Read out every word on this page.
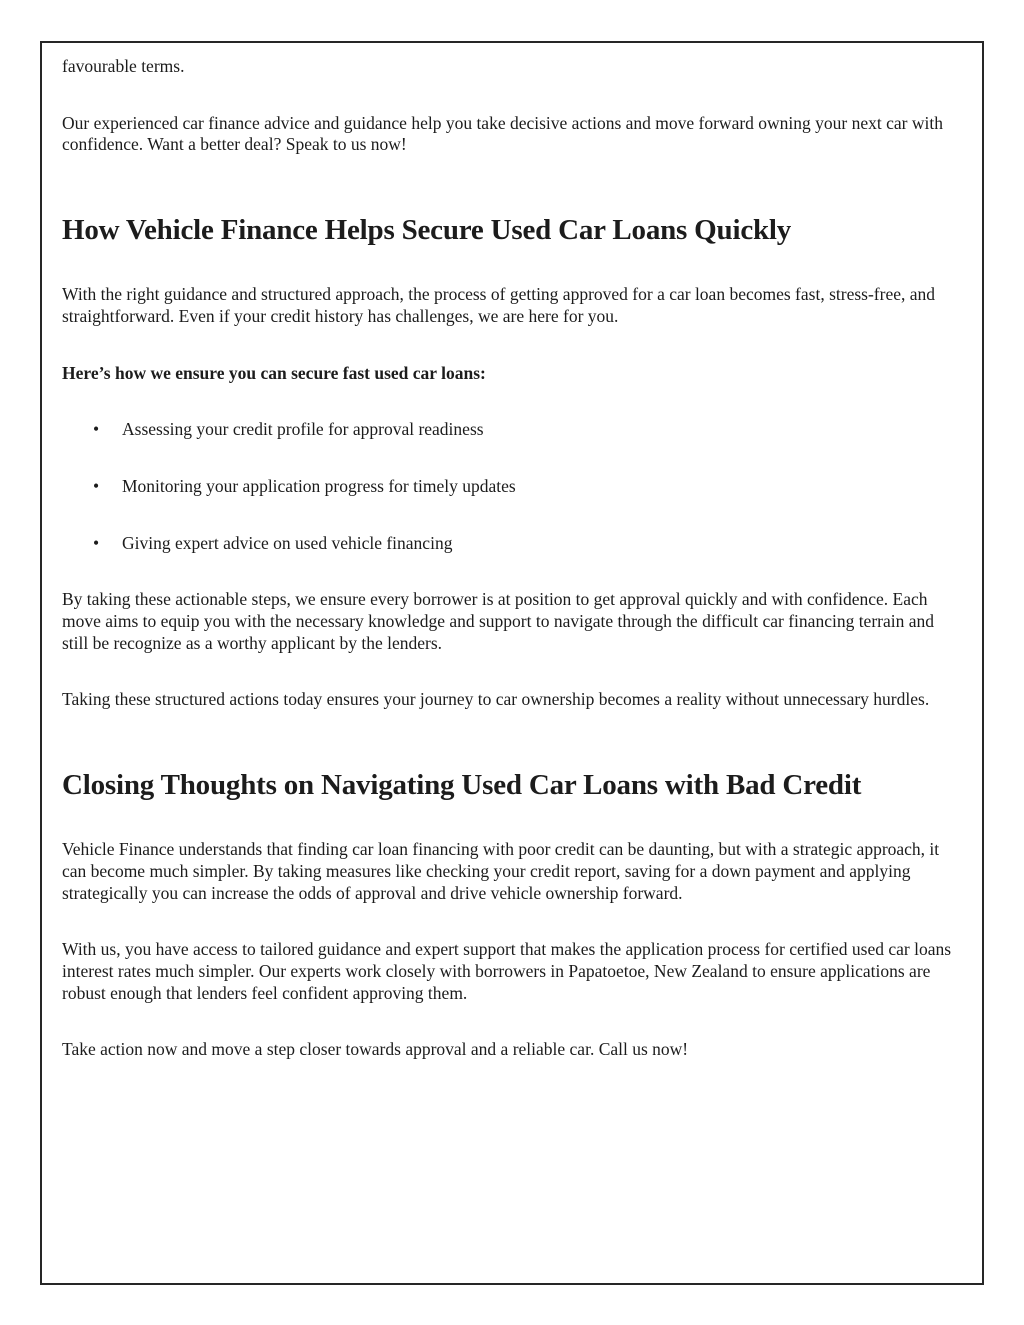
favourable terms.

Our experienced car finance advice and guidance help you take decisive actions and move forward owning your next car with confidence. Want a better deal? Speak to us now!

How Vehicle Finance Helps Secure Used Car Loans Quickly

With the right guidance and structured approach, the process of getting approved for a car loan becomes fast, stress-free, and straightforward. Even if your credit history has challenges, we are here for you.

Here’s how we ensure you can secure fast used car loans:

• Assessing your credit profile for approval readiness
• Monitoring your application progress for timely updates
• Giving expert advice on used vehicle financing

By taking these actionable steps, we ensure every borrower is at position to get approval quickly and with confidence. Each move aims to equip you with the necessary knowledge and support to navigate through the difficult car financing terrain and still be recognize as a worthy applicant by the lenders.

Taking these structured actions today ensures your journey to car ownership becomes a reality without unnecessary hurdles.

Closing Thoughts on Navigating Used Car Loans with Bad Credit

Vehicle Finance understands that finding car loan financing with poor credit can be daunting, but with a strategic approach, it can become much simpler. By taking measures like checking your credit report, saving for a down payment and applying strategically you can increase the odds of approval and drive vehicle ownership forward.

With us, you have access to tailored guidance and expert support that makes the application process for certified used car loans interest rates much simpler. Our experts work closely with borrowers in Papatoetoe, New Zealand to ensure applications are robust enough that lenders feel confident approving them.

Take action now and move a step closer towards approval and a reliable car. Call us now!
